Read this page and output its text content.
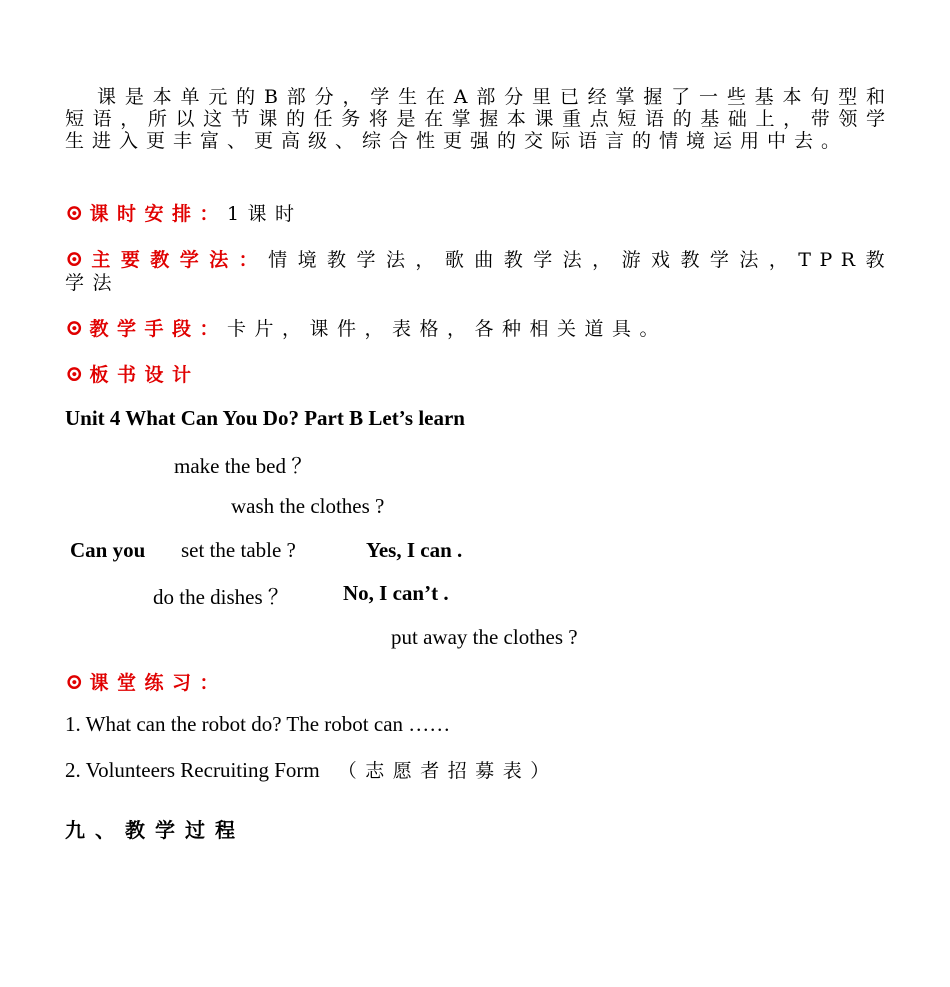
课是本单元的B部分，学生在A部分里已经掌握了一些基本句型和短语，所以这节课的任务将是在掌握本课重点短语的基础上，带领学生进入更丰富、更高级、综合性更强的交际语言的情境运用中去。
⊙课时安排：1课时
⊙主要教学法：情境教学法，歌曲教学法，游戏教学法，TPR教
学法
⊙教学手段：卡片，课件，表格，各种相关道具。
⊙板书设计
Unit 4 What Can You Do? Part B Let’s learn
make the bed ？
wash the clothes ?
Can you set the table ?	Yes, I can .
do the dishes ？	No, I can’t .
put away the clothes ?
⊙课堂练习：
1. What can the robot do? The robot can ……
2. Volunteers Recruiting Form （志愿者招募表）
九、教学过程
